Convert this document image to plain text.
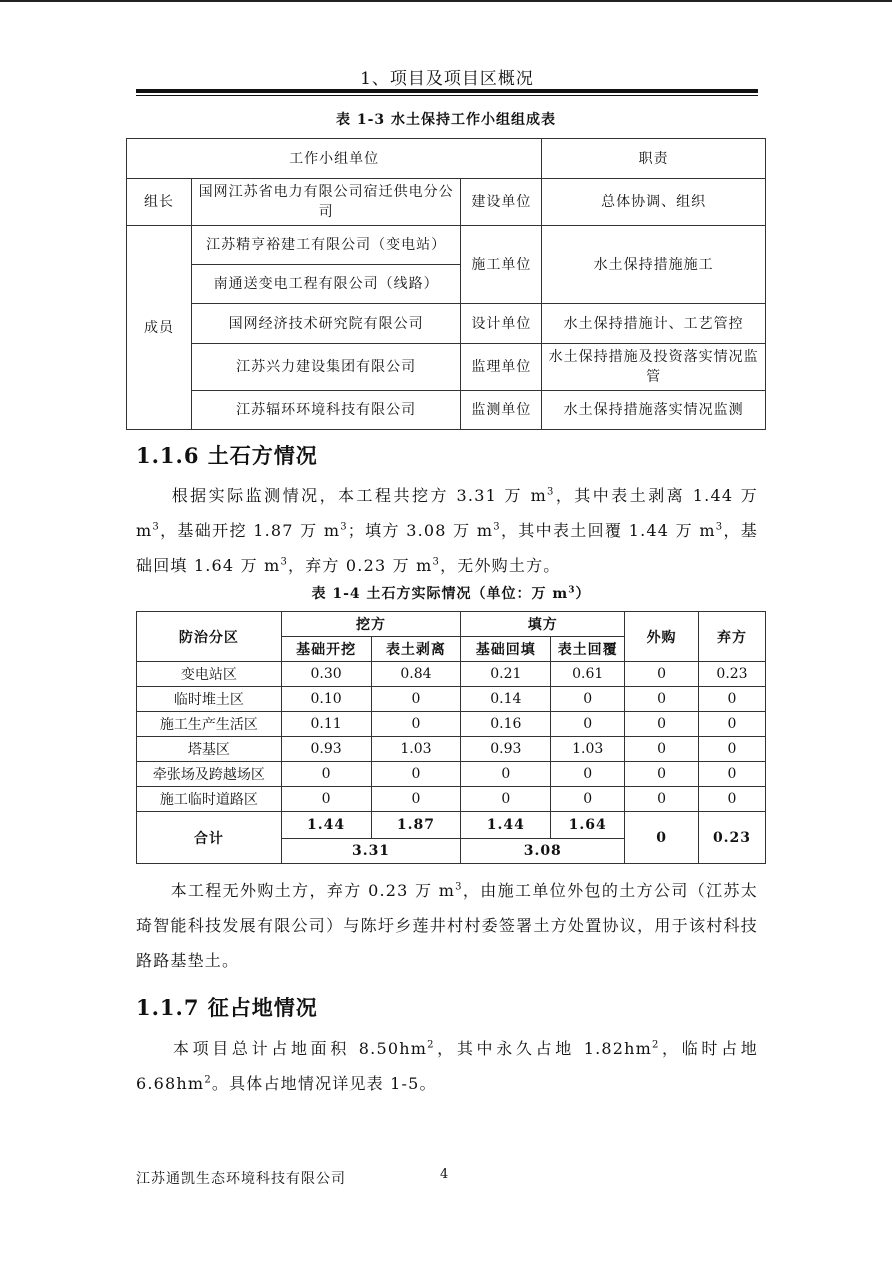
1、项目及项目区概况
表 1-3 水土保持工作小组组成表
工作小组单位			职责
组长	国网江苏省电力有限公司宿迁供电分公司	建设单位	总体协调、组织
成员	江苏精亨裕建工有限公司（变电站）	施工单位	水土保持措施施工
	南通送变电工程有限公司（线路）		
	国网经济技术研究院有限公司	设计单位	水土保持措施计、工艺管控
	江苏兴力建设集团有限公司	监理单位	水土保持措施及投资落实情况监管
	江苏辐环环境科技有限公司	监测单位	水土保持措施落实情况监测
1.1.6 土石方情况
  根据实际监测情况，本工程共挖方 3.31 万 $m^3$，其中表土剥离 1.44 万 $m^3$，基础开挖 1.87 万 $m^3$；填方 3.08 万 $m^3$，其中表土回覆 1.44 万 $m^3$，基础回填 1.64 万 $m^3$，弃方 0.23 万 $m^3$，无外购土方。
表 1-4 土石方实际情况（单位：万 $m^3$）
防治分区	挖方		填方		外购	弃方
	基础开挖	表土剥离	基础回填	表土回覆		
变电站区	0.30	0.84	0.21	0.61	0	0.23
临时堆土区	0.10	0	0.14	0	0	0
施工生产生活区	0.11	0	0.16	0	0	0
塔基区	0.93	1.03	0.93	1.03	0	0
牵张场及跨越场区	0	0	0	0	0	0
施工临时道路区	0	0	0	0	0	0
合计	1.44	1.87	1.44	1.64	0	0.23
	3.31		3.08			
  本工程无外购土方，弃方 0.23 万 $m^3$，由施工单位外包的土方公司（江苏太琦智能科技发展有限公司）与陈圩乡莲井村村委签署土方处置协议，用于该村科技路路基垫土。
1.1.7 征占地情况
  本项目总计占地面积 $8.50hm^2$，其中永久占地 $1.82hm^2$，临时占地 $6.68hm^2$。具体占地情况详见表 1-5。
江苏通凯生态环境科技有限公司	4
